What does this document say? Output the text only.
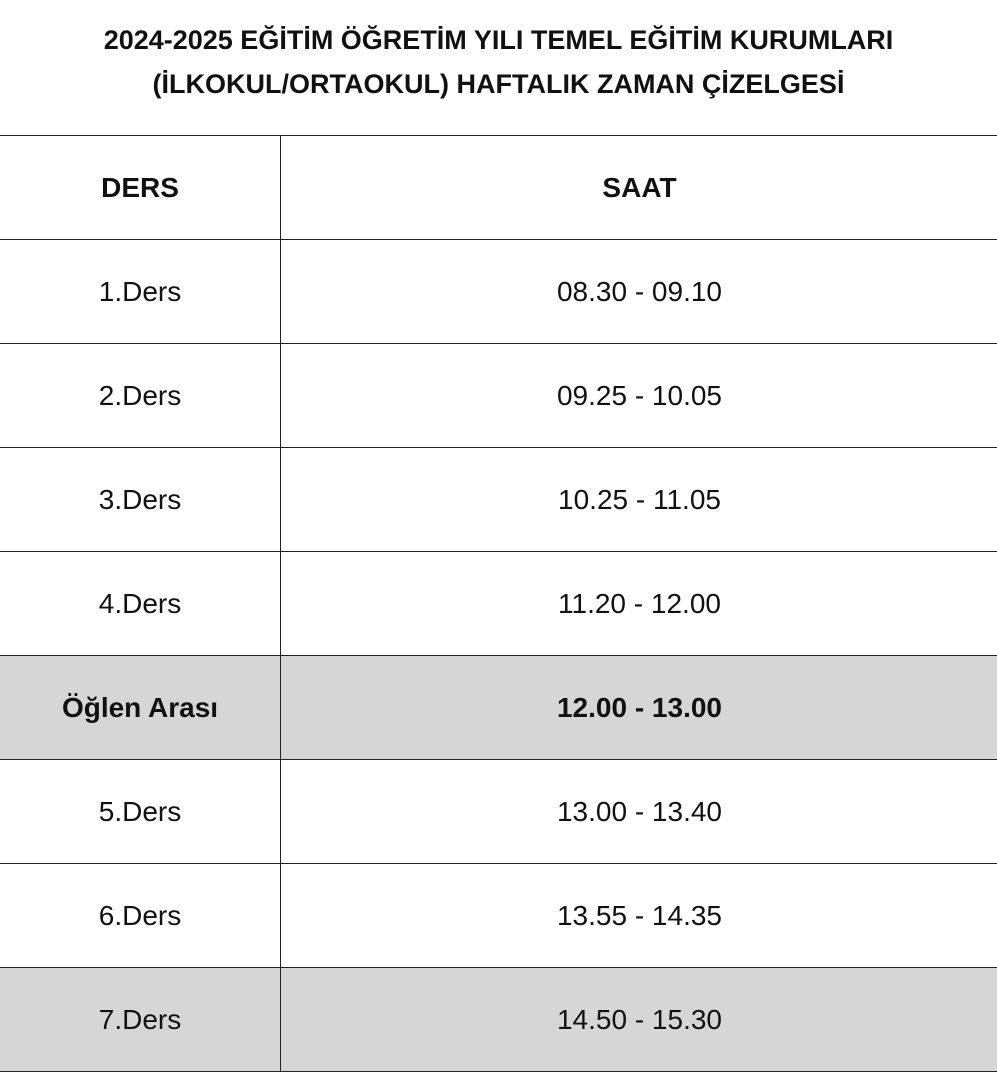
2024-2025 EĞİTİM ÖĞRETİM YILI TEMEL EĞİTİM KURUMLARI
(İLKOKUL/ORTAOKUL) HAFTALIK ZAMAN ÇİZELGESİ
DERS	SAAT
1.Ders	08.30 - 09.10
2.Ders	09.25 - 10.05
3.Ders	10.25 - 11.05
4.Ders	11.20 - 12.00
Öğlen Arası	12.00 - 13.00
5.Ders	13.00 - 13.40
6.Ders	13.55 - 14.35
7.Ders	14.50 - 15.30
